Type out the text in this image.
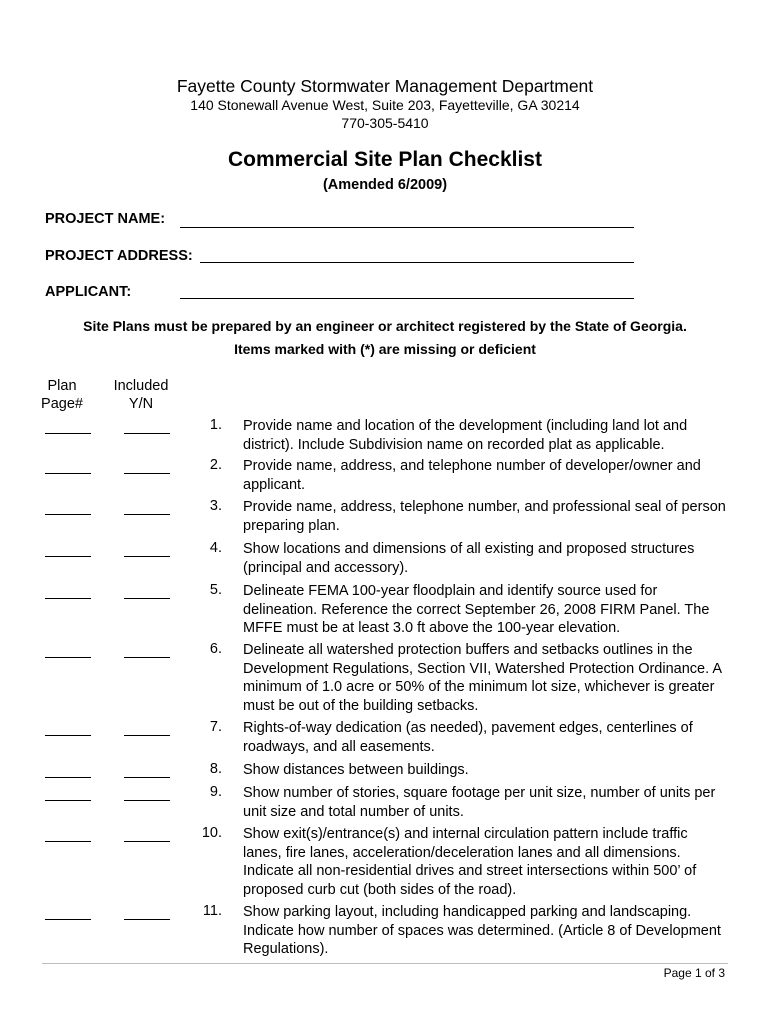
Fayette County Stormwater Management Department
140 Stonewall Avenue West, Suite 203, Fayetteville, GA 30214
770-305-5410
Commercial Site Plan Checklist
(Amended 6/2009)
PROJECT NAME:
PROJECT ADDRESS:
APPLICANT:
Site Plans must be prepared by an engineer or architect registered by the State of Georgia.
Items marked with (*) are missing or deficient
Plan
Page#
Included
Y/N
1. Provide name and location of the development (including land lot and district). Include Subdivision name on recorded plat as applicable.
2. Provide name, address, and telephone number of developer/owner and applicant.
3. Provide name, address, telephone number, and professional seal of person preparing plan.
4. Show locations and dimensions of all existing and proposed structures (principal and accessory).
5. Delineate FEMA 100-year floodplain and identify source used for delineation. Reference the correct September 26, 2008 FIRM Panel. The MFFE must be at least 3.0 ft above the 100-year elevation.
6. Delineate all watershed protection buffers and setbacks outlines in the Development Regulations, Section VII, Watershed Protection Ordinance. A minimum of 1.0 acre or 50% of the minimum lot size, whichever is greater must be out of the building setbacks.
7. Rights-of-way dedication (as needed), pavement edges, centerlines of roadways, and all easements.
8. Show distances between buildings.
9. Show number of stories, square footage per unit size, number of units per unit size and total number of units.
10. Show exit(s)/entrance(s) and internal circulation pattern include traffic lanes, fire lanes, acceleration/deceleration lanes and all dimensions. Indicate all non-residential drives and street intersections within 500’ of proposed curb cut (both sides of the road).
11. Show parking layout, including handicapped parking and landscaping. Indicate how number of spaces was determined. (Article 8 of Development Regulations).
Page 1 of 3
